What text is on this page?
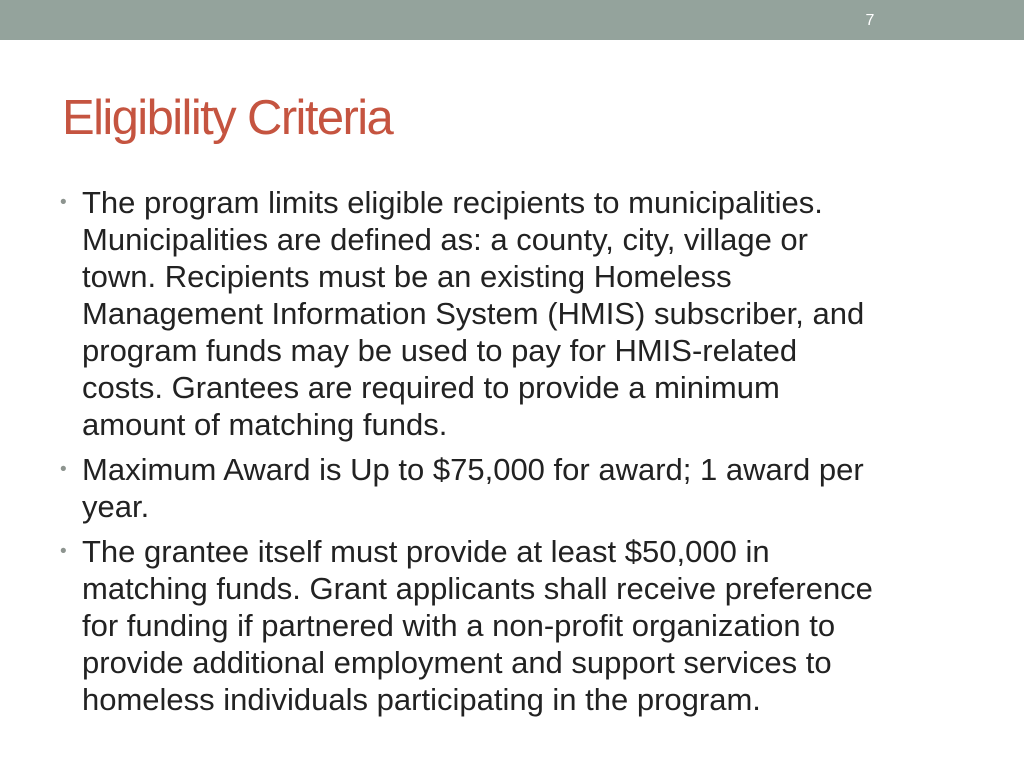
7
Eligibility Criteria
• The program limits eligible recipients to municipalities.
Municipalities are defined as: a county, city, village or
town. Recipients must be an existing Homeless
Management Information System (HMIS) subscriber, and
program funds may be used to pay for HMIS-related
costs. Grantees are required to provide a minimum
amount of matching funds.
• Maximum Award is Up to $75,000 for award; 1 award per
year.
• The grantee itself must provide at least $50,000 in
matching funds. Grant applicants shall receive preference
for funding if partnered with a non-profit organization to
provide additional employment and support services to
homeless individuals participating in the program.
